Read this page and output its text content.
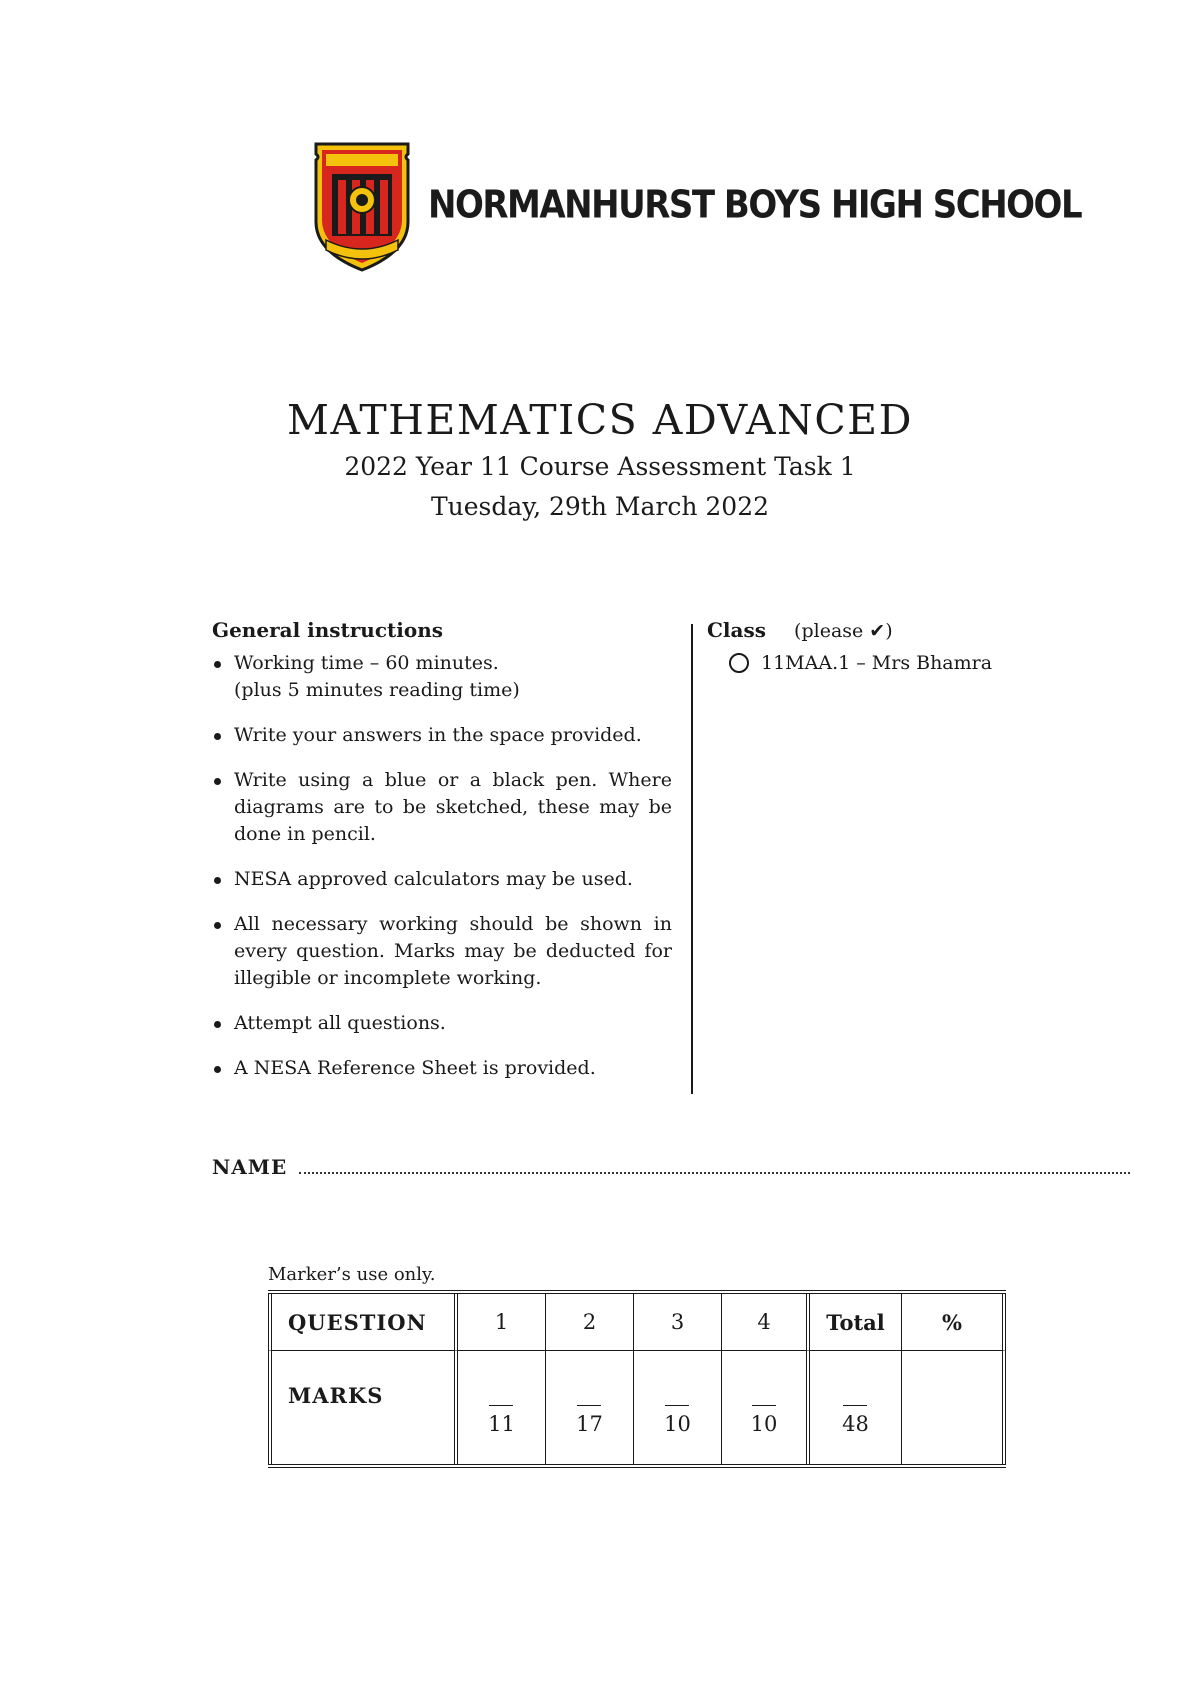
NORMANHURST BOYS HIGH SCHOOL
MATHEMATICS ADVANCED
2022 Year 11 Course Assessment Task 1
Tuesday, 29th March 2022
General instructions
Working time – 60 minutes.
(plus 5 minutes reading time)
Write your answers in the space provided.
Write using a blue or a black pen. Where diagrams are to be sketched, these may be done in pencil.
NESA approved calculators may be used.
All necessary working should be shown in every question. Marks may be deducted for illegible or incomplete working.
Attempt all questions.
A NESA Reference Sheet is provided.
Class (please ✔)
11MAA.1 – Mrs Bhamra
NAME
Marker’s use only.
QUESTION	1	2	3	4	Total	%
MARKS	11	17	10	10	48	
